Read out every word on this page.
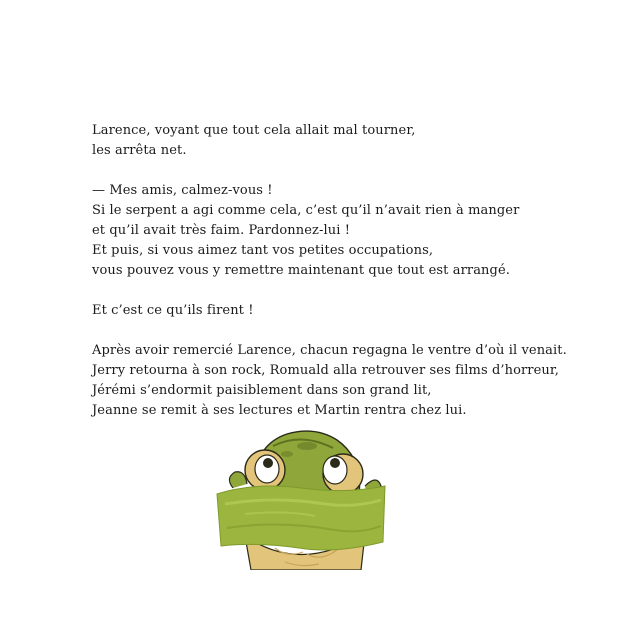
Larence, voyant que tout cela allait mal tourner,
les arrêta net.

— Mes amis, calmez-vous !
Si le serpent a agi comme cela, c’est qu’il n’avait rien à manger
et qu’il avait très faim. Pardonnez-lui !
Et puis, si vous aimez tant vos petites occupations,
vous pouvez vous y remettre maintenant que tout est arrangé.

Et c’est ce qu’ils firent !

Après avoir remercié Larence, chacun regagna le ventre d’où il venait.
Jerry retourna à son rock, Romuald alla retrouver ses films d’horreur,
Jérémi s’endormit paisiblement dans son grand lit,
Jeanne se remit à ses lectures et Martin rentra chez lui.
